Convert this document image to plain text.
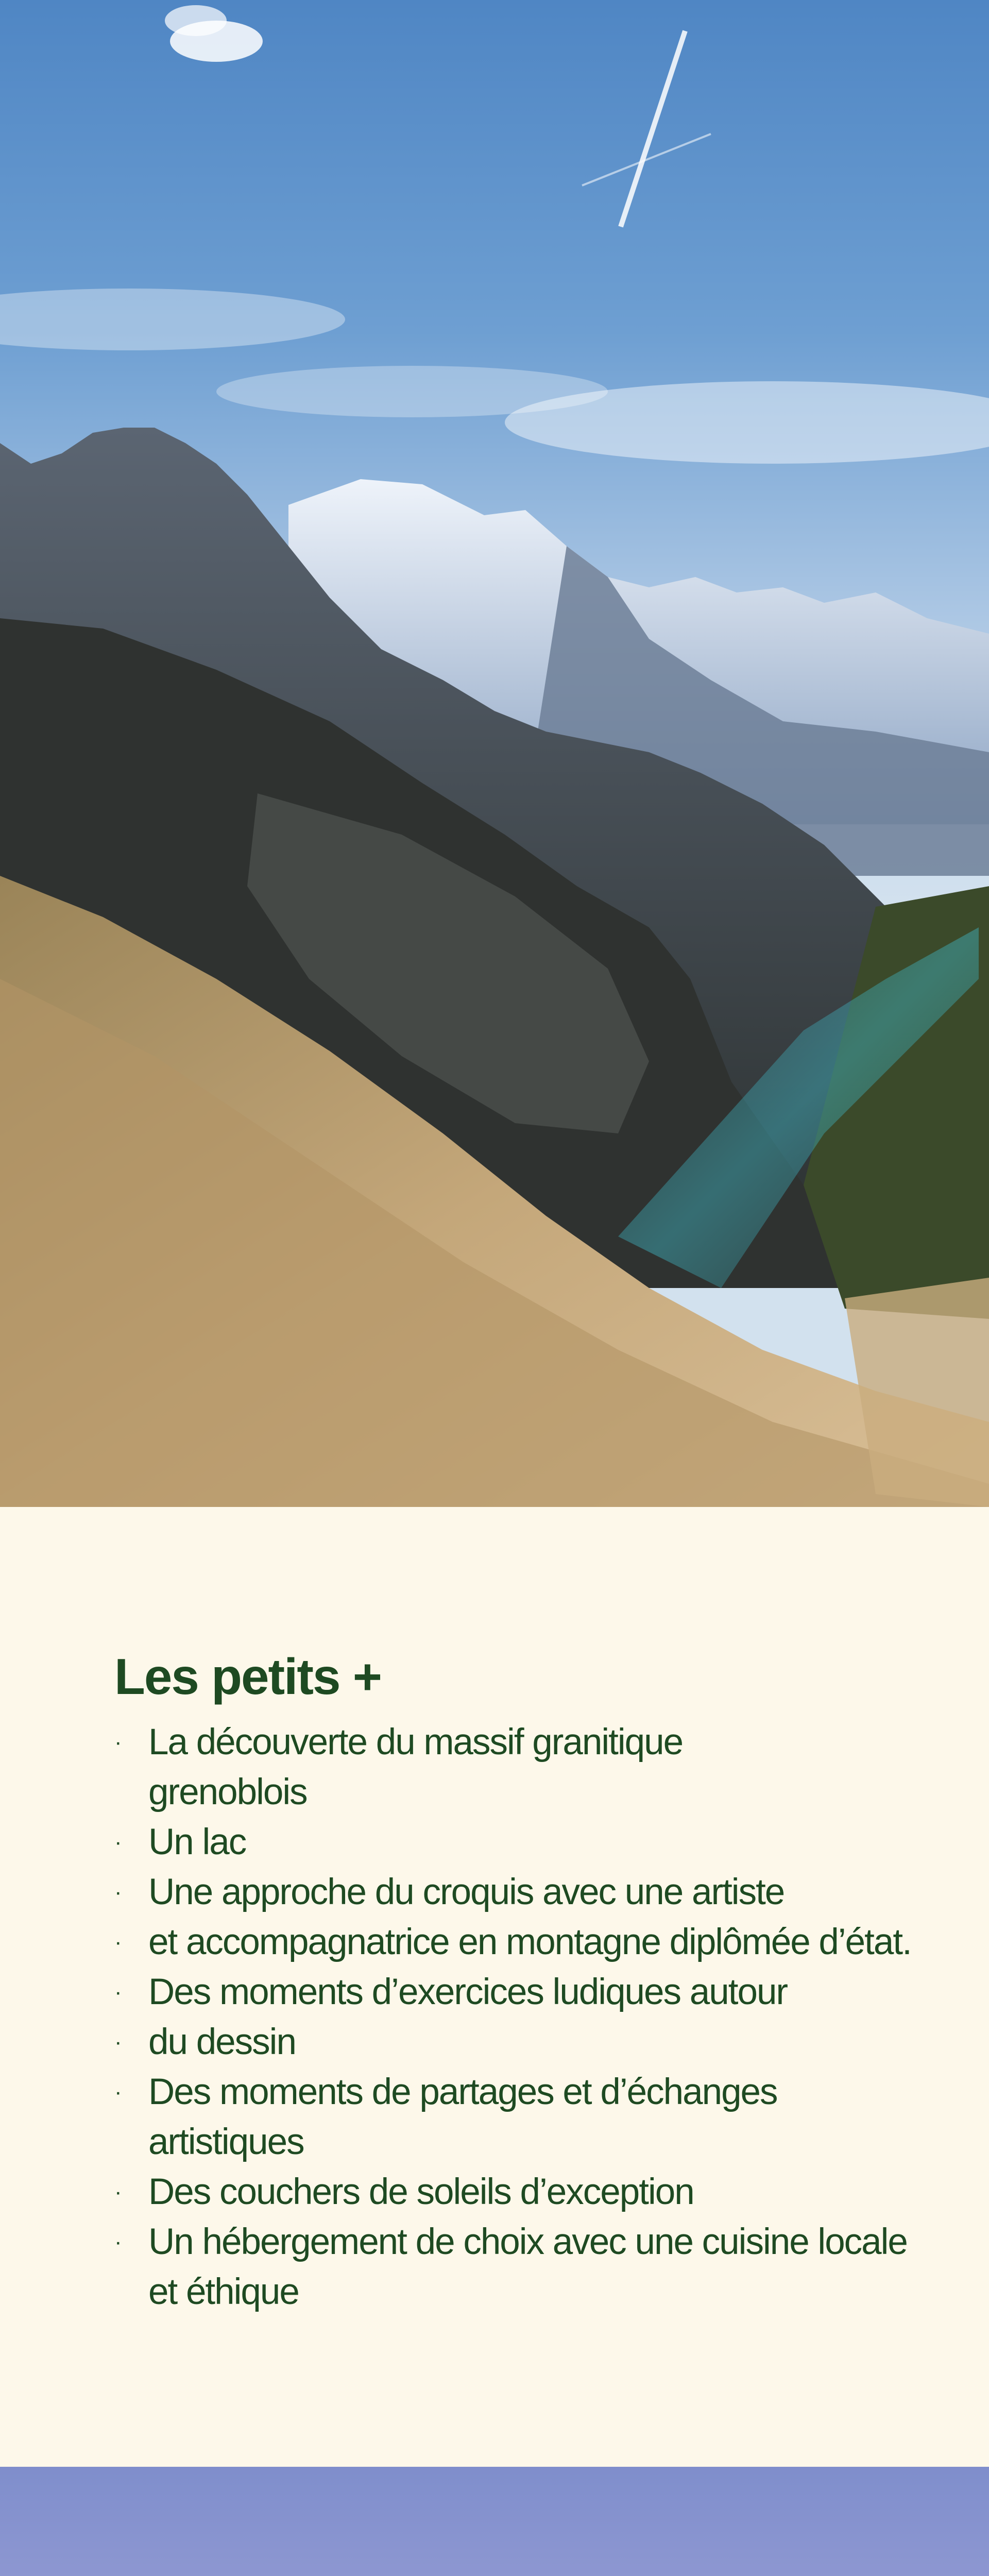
Les petits +
· La découverte du massif granitique
grenoblois
· Un lac
· Une approche du croquis avec une artiste
· et accompagnatrice en montagne diplômée d’état.
· Des moments d’exercices ludiques autour
· du dessin
· Des moments de partages et d’échanges artistiques
· Des couchers de soleils d’exception
· Un hébergement de choix avec une cuisine locale et éthique
